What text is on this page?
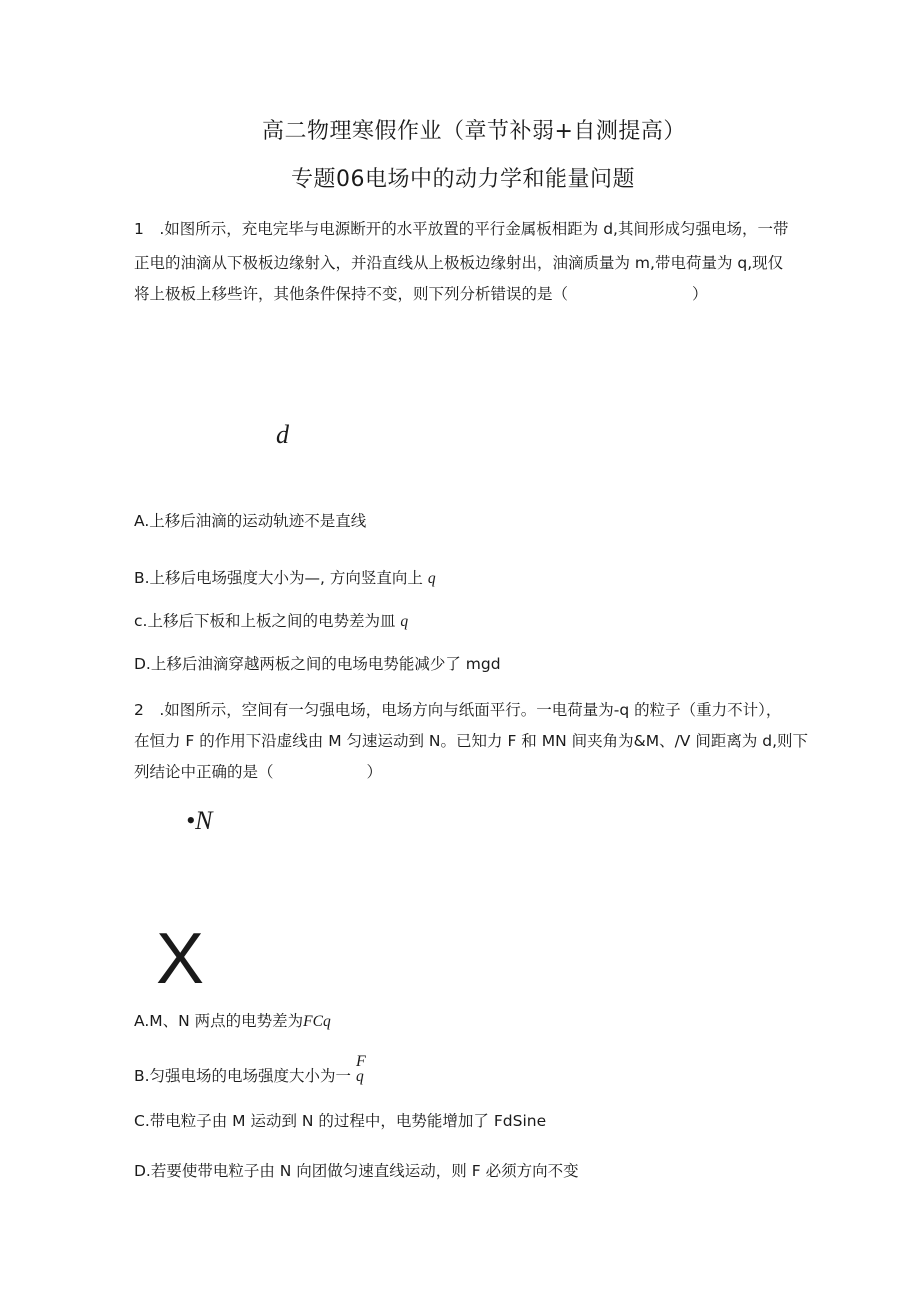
高二物理寒假作业（章节补弱+自测提高）
专题06电场中的动力学和能量问题
1　.如图所示，充电完毕与电源断开的水平放置的平行金属板相距为 d,其间形成匀强电场，一带
正电的油滴从下极板边缘射入，并沿直线从上极板边缘射出，油滴质量为 m,带电荷量为 q,现仅
将上极板上移些许，其他条件保持不变，则下列分析错误的是（　　　　　　　　）
d
A.上移后油滴的运动轨迹不是直线
B.上移后电场强度大小为—, 方向竖直向上 q
c.上移后下板和上板之间的电势差为皿 q
D.上移后油滴穿越两板之间的电场电势能减少了 mgd
2　.如图所示，空间有一匀强电场，电场方向与纸面平行。一电荷量为-q 的粒子（重力不计），
在恒力 F 的作用下沿虚线由 M 匀速运动到 N。已知力 F 和 MN 间夹角为&M、/V 间距离为 d,则下
列结论中正确的是（　　　　　　）
•N
X
A.M、N 两点的电势差为FCq
B.匀强电场的电场强度大小为一 q
F
C.带电粒子由 M 运动到 N 的过程中，电势能增加了 FdSine
D.若要使带电粒子由 N 向团做匀速直线运动，则 F 必须方向不变
